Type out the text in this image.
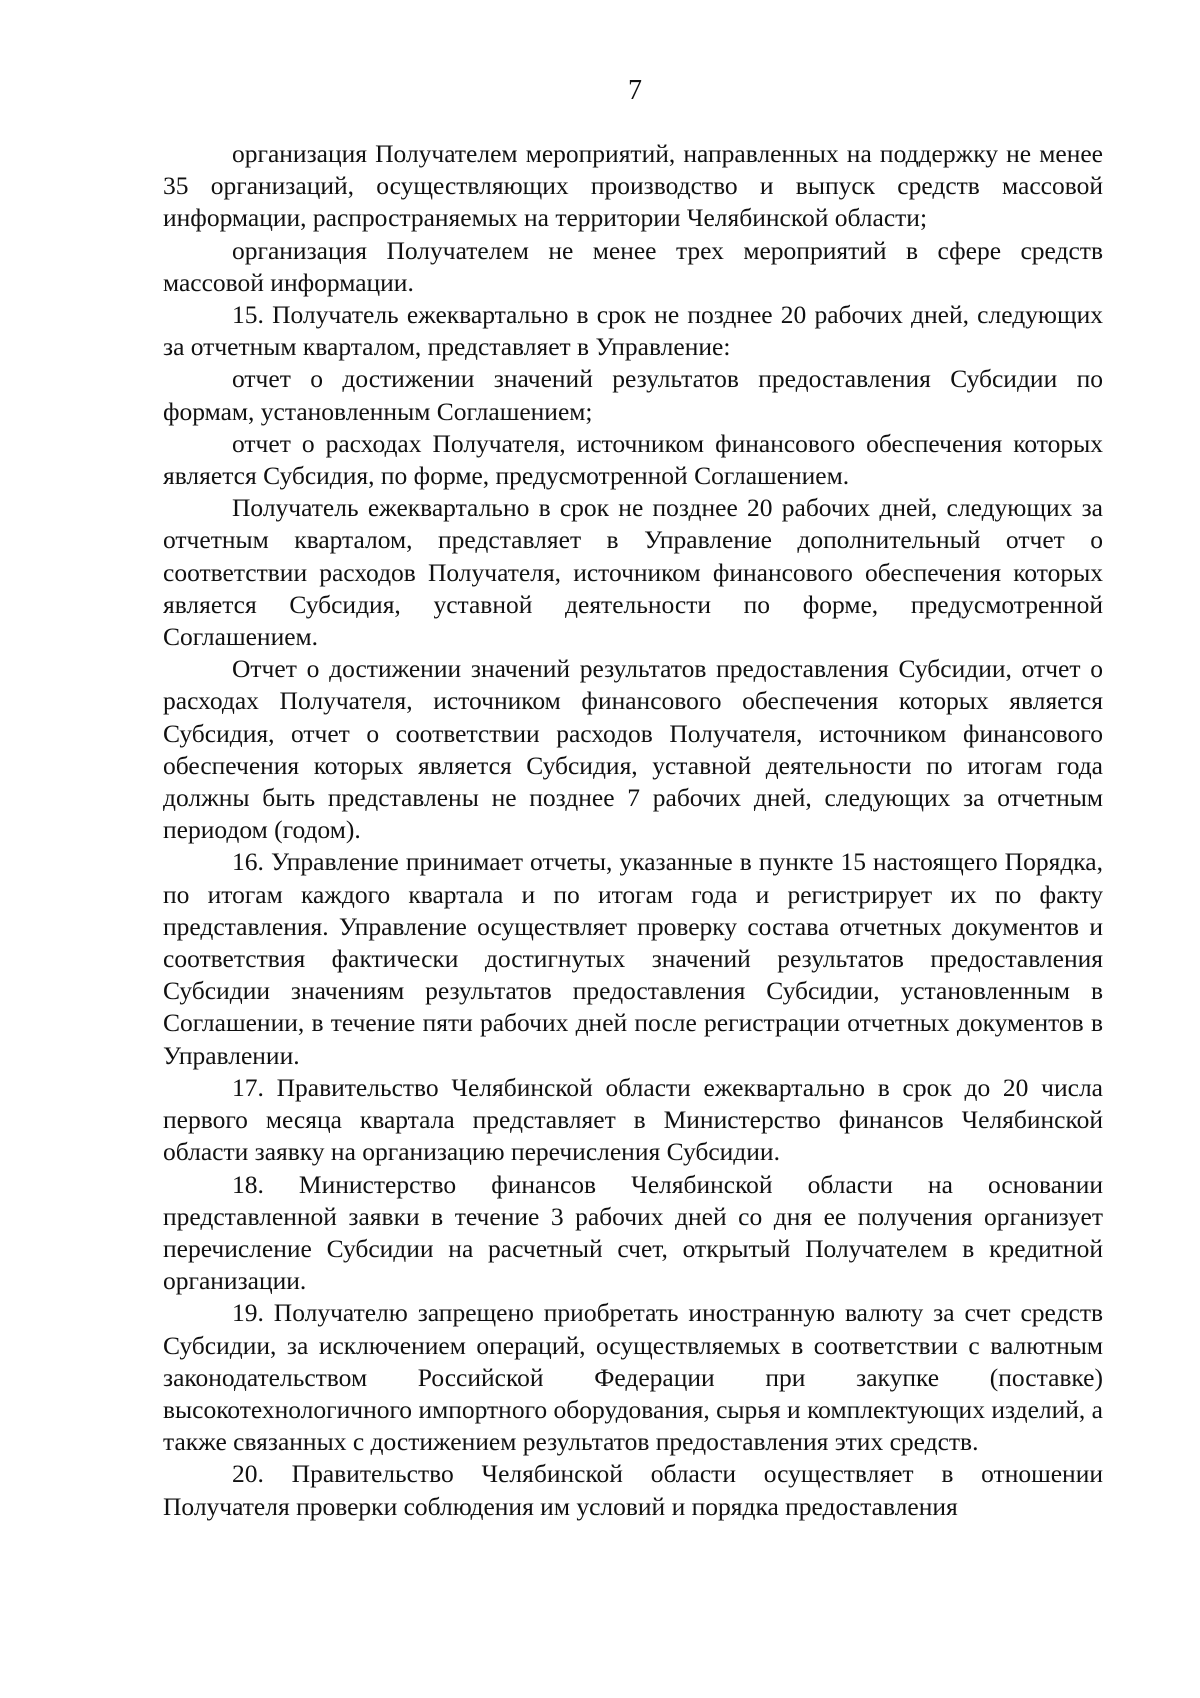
7

организация Получателем мероприятий, направленных на поддержку не менее 35 организаций, осуществляющих производство и выпуск средств массовой информации, распространяемых на территории Челябинской области;

организация Получателем не менее трех мероприятий в сфере средств массовой информации.

15. Получатель ежеквартально в срок не позднее 20 рабочих дней, следующих за отчетным кварталом, представляет в Управление:

отчет о достижении значений результатов предоставления Субсидии по формам, установленным Соглашением;

отчет о расходах Получателя, источником финансового обеспечения которых является Субсидия, по форме, предусмотренной Соглашением.

Получатель ежеквартально в срок не позднее 20 рабочих дней, следующих за отчетным кварталом, представляет в Управление дополнительный отчет о соответствии расходов Получателя, источником финансового обеспечения которых является Субсидия, уставной деятельности по форме, предусмотренной Соглашением.

Отчет о достижении значений результатов предоставления Субсидии, отчет о расходах Получателя, источником финансового обеспечения которых является Субсидия, отчет о соответствии расходов Получателя, источником финансового обеспечения которых является Субсидия, уставной деятельности по итогам года должны быть представлены не позднее 7 рабочих дней, следующих за отчетным периодом (годом).

16. Управление принимает отчеты, указанные в пункте 15 настоящего Порядка, по итогам каждого квартала и по итогам года и регистрирует их по факту представления. Управление осуществляет проверку состава отчетных документов и соответствия фактически достигнутых значений результатов предоставления Субсидии значениям результатов предоставления Субсидии, установленным в Соглашении, в течение пяти рабочих дней после регистрации отчетных документов в Управлении.

17. Правительство Челябинской области ежеквартально в срок до 20 числа первого месяца квартала представляет в Министерство финансов Челябинской области заявку на организацию перечисления Субсидии.

18. Министерство финансов Челябинской области на основании представленной заявки в течение 3 рабочих дней со дня ее получения организует перечисление Субсидии на расчетный счет, открытый Получателем в кредитной организации.

19. Получателю запрещено приобретать иностранную валюту за счет средств Субсидии, за исключением операций, осуществляемых в соответствии с валютным законодательством Российской Федерации при закупке (поставке) высокотехнологичного импортного оборудования, сырья и комплектующих изделий, а также связанных с достижением результатов предоставления этих средств.

20. Правительство Челябинской области осуществляет в отношении Получателя проверки соблюдения им условий и порядка предоставления
